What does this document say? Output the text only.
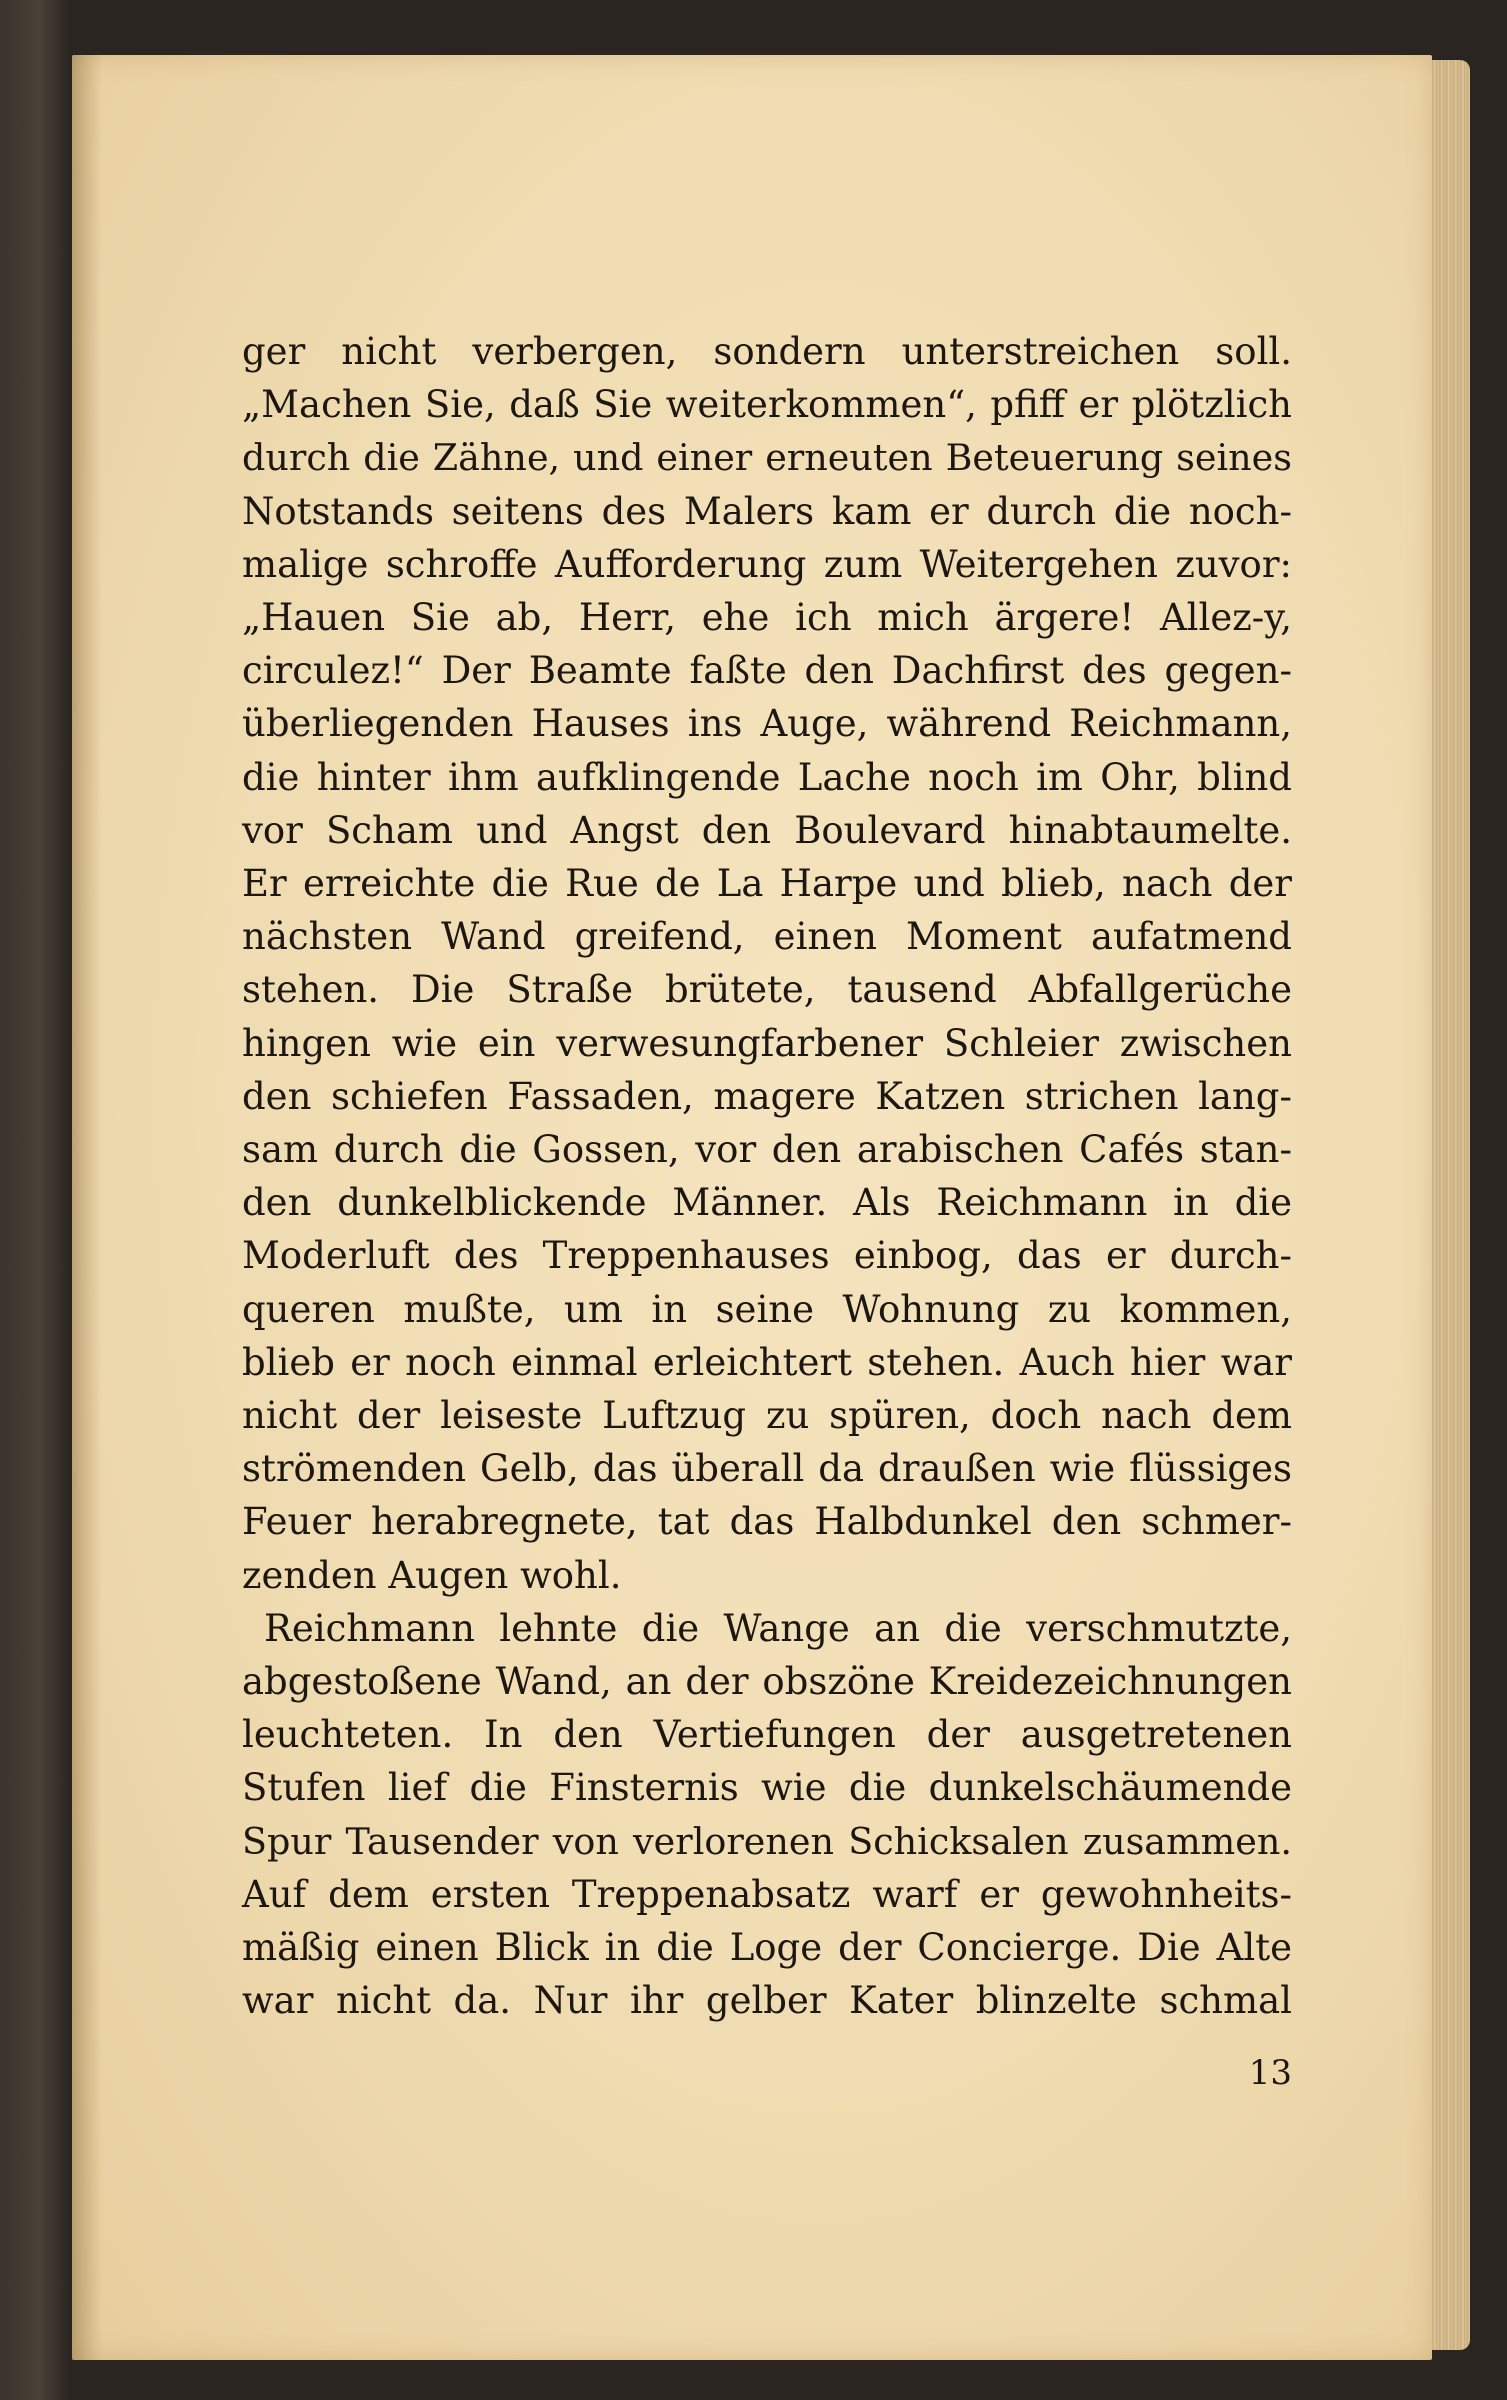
ger nicht verbergen, sondern unterstreichen soll.
„Machen Sie, daß Sie weiterkommen“, pfiff er plötzlich
durch die Zähne, und einer erneuten Beteuerung seines
Notstands seitens des Malers kam er durch die noch-
malige schroffe Aufforderung zum Weitergehen zuvor:
„Hauen Sie ab, Herr, ehe ich mich ärgere! Allez-y,
circulez!“ Der Beamte faßte den Dachfirst des gegen-
überliegenden Hauses ins Auge, während Reichmann,
die hinter ihm aufklingende Lache noch im Ohr, blind
vor Scham und Angst den Boulevard hinabtaumelte.
Er erreichte die Rue de La Harpe und blieb, nach der
nächsten Wand greifend, einen Moment aufatmend
stehen. Die Straße brütete, tausend Abfallgerüche
hingen wie ein verwesungfarbener Schleier zwischen
den schiefen Fassaden, magere Katzen strichen lang-
sam durch die Gossen, vor den arabischen Cafés stan-
den dunkelblickende Männer. Als Reichmann in die
Moderluft des Treppenhauses einbog, das er durch-
queren mußte, um in seine Wohnung zu kommen,
blieb er noch einmal erleichtert stehen. Auch hier war
nicht der leiseste Luftzug zu spüren, doch nach dem
strömenden Gelb, das überall da draußen wie flüssiges
Feuer herabregnete, tat das Halbdunkel den schmer-
zenden Augen wohl.
Reichmann lehnte die Wange an die verschmutzte,
abgestoßene Wand, an der obszöne Kreidezeichnungen
leuchteten. In den Vertiefungen der ausgetretenen
Stufen lief die Finsternis wie die dunkelschäumende
Spur Tausender von verlorenen Schicksalen zusammen.
Auf dem ersten Treppenabsatz warf er gewohnheits-
mäßig einen Blick in die Loge der Concierge. Die Alte
war nicht da. Nur ihr gelber Kater blinzelte schmal
13
